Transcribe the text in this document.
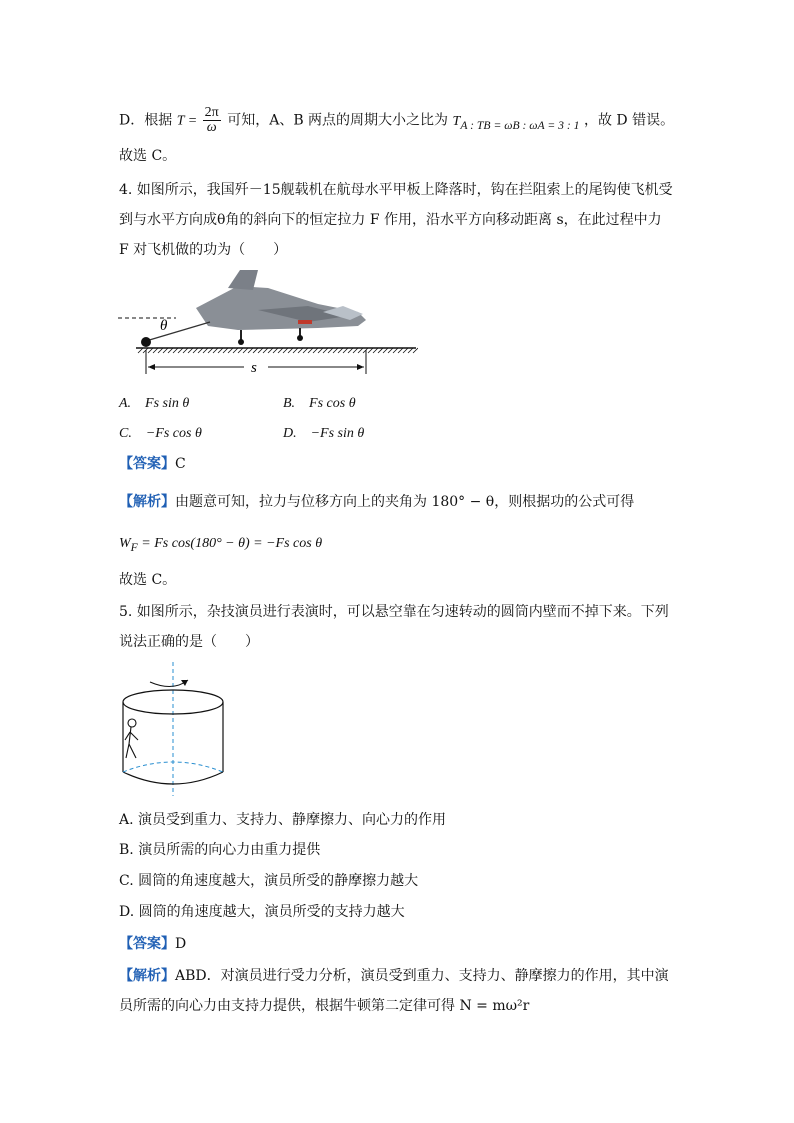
D．根据 $T = \frac{2\pi}{\omega}$ 可知，A、B 两点的周期大小之比为 $T_{A : TB = \omega B : \omega A = 3 : 1}$ ，故 D 错误。
故选 C。
4. 如图所示，我国歼－15舰载机在航母水平甲板上降落时，钩在拦阻索上的尾钩使飞机受
到与水平方向成θ角的斜向下的恒定拉力 F 作用，沿水平方向移动距离 s，在此过程中力
F 对飞机做的功为（　　）
θ
s
A.　Fs sin θ	B.　Fs cos θ
C.　−Fs cos θ	D.　−Fs sin θ
【答案】C
【解析】由题意可知，拉力与位移方向上的夹角为 180° − θ，则根据功的公式可得
$W_F = Fs$ cos(180° − θ) = −Fs cos θ
故选 C。
5. 如图所示，杂技演员进行表演时，可以悬空靠在匀速转动的圆筒内壁而不掉下来。下列
说法正确的是（　　）
A. 演员受到重力、支持力、静摩擦力、向心力的作用
B. 演员所需的向心力由重力提供
C. 圆筒的角速度越大，演员所受的静摩擦力越大
D. 圆筒的角速度越大，演员所受的支持力越大
【答案】D
【解析】ABD．对演员进行受力分析，演员受到重力、支持力、静摩擦力的作用，其中演
员所需的向心力由支持力提供，根据牛顿第二定律可得 N = mω²r
